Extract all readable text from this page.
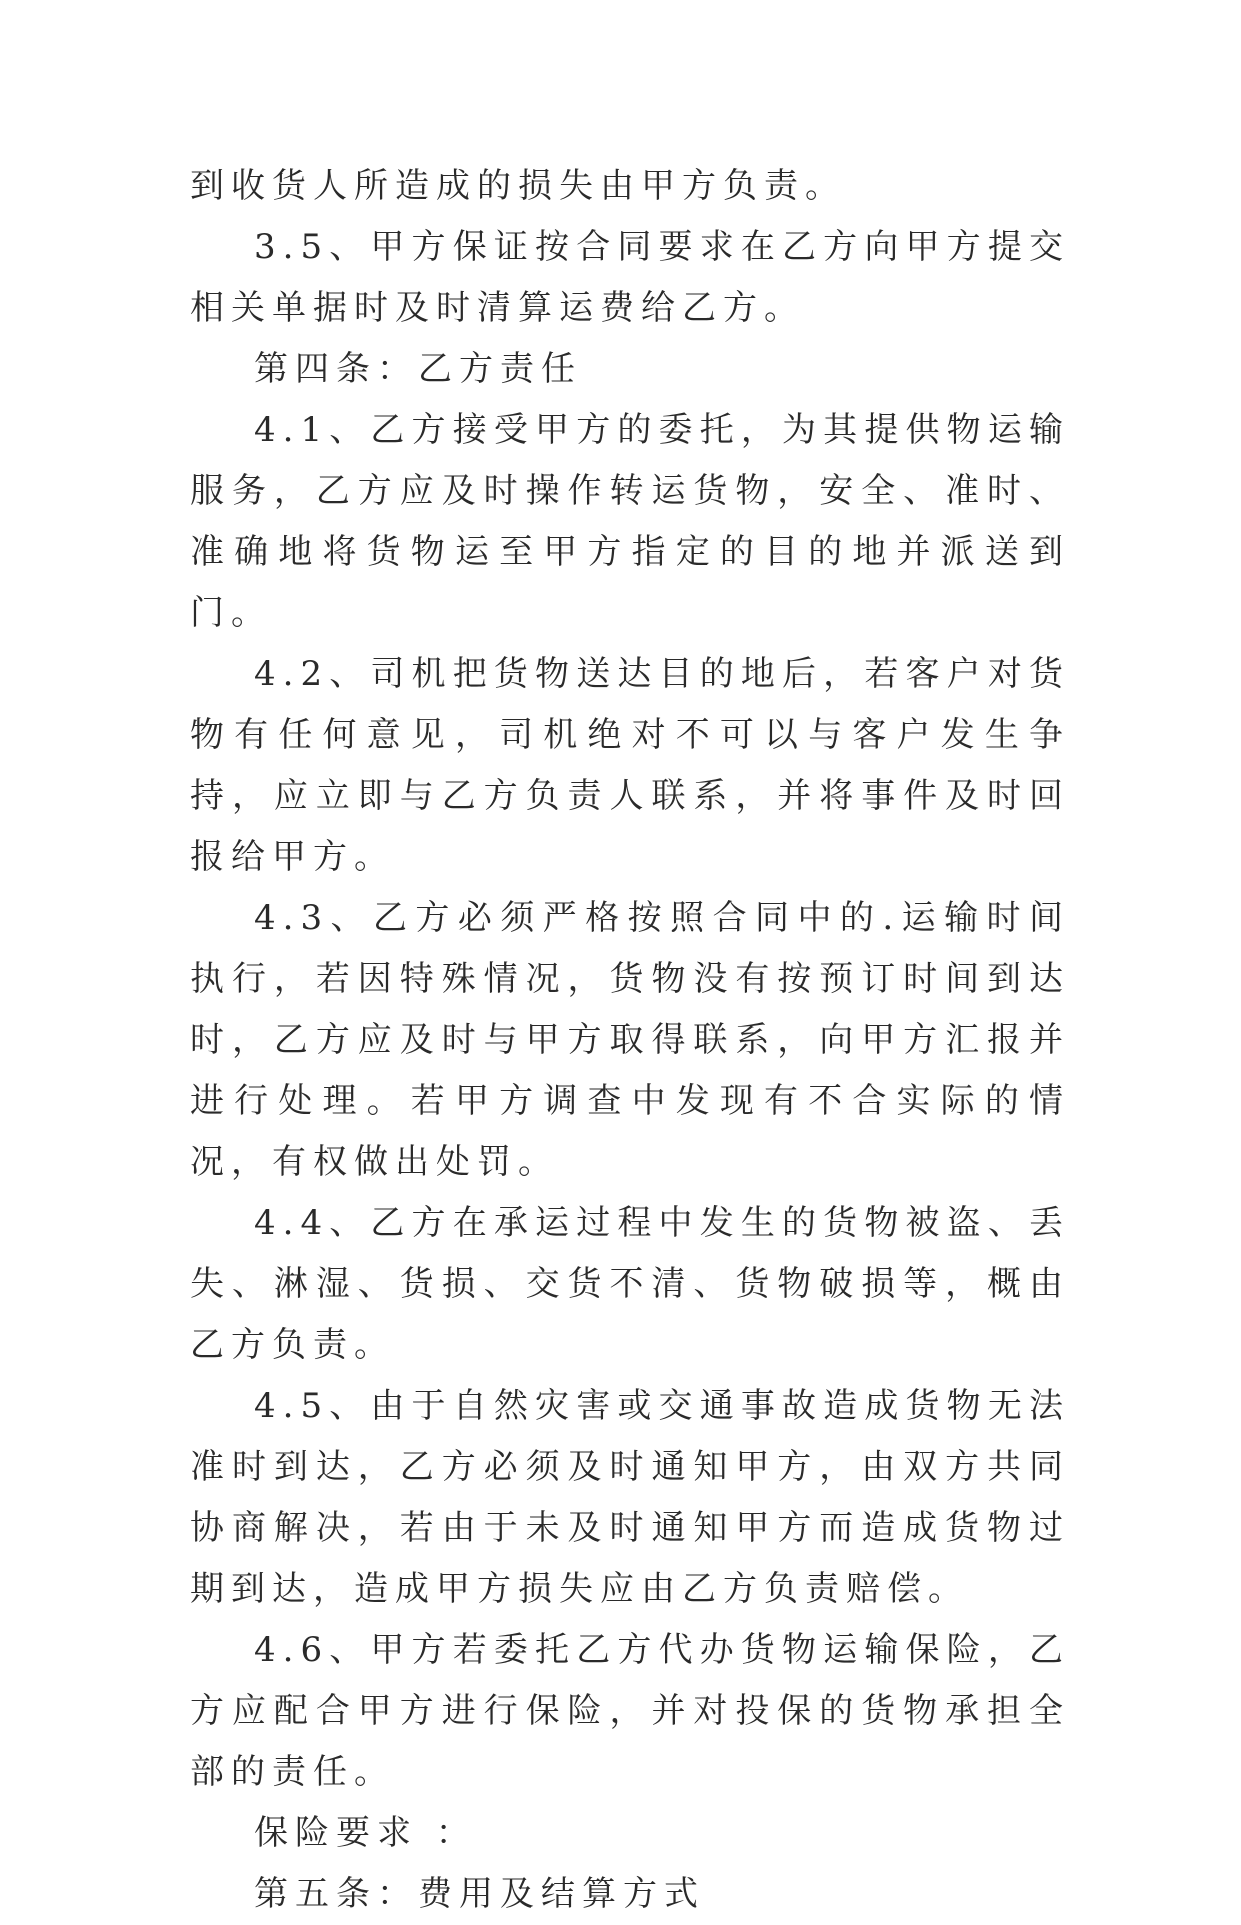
到收货人所造成的损失由甲方负责。

3.5、甲方保证按合同要求在乙方向甲方提交相关单据时及时清算运费给乙方。

第四条：乙方责任

4.1、乙方接受甲方的委托，为其提供物运输服务，乙方应及时操作转运货物，安全、准时、准确地将货物运至甲方指定的目的地并派送到门。

4.2、司机把货物送达目的地后，若客户对货物有任何意见，司机绝对不可以与客户发生争持，应立即与乙方负责人联系，并将事件及时回报给甲方。

4.3、乙方必须严格按照合同中的.运输时间执行，若因特殊情况，货物没有按预订时间到达时，乙方应及时与甲方取得联系，向甲方汇报并进行处理。若甲方调查中发现有不合实际的情况，有权做出处罚。

4.4、乙方在承运过程中发生的货物被盗、丢失、淋湿、货损、交货不清、货物破损等，概由乙方负责。

4.5、由于自然灾害或交通事故造成货物无法准时到达，乙方必须及时通知甲方，由双方共同协商解决，若由于未及时通知甲方而造成货物过期到达，造成甲方损失应由乙方负责赔偿。

4.6、甲方若委托乙方代办货物运输保险，乙方应配合甲方进行保险，并对投保的货物承担全部的责任。

保险要求 ：

第五条：费用及结算方式
